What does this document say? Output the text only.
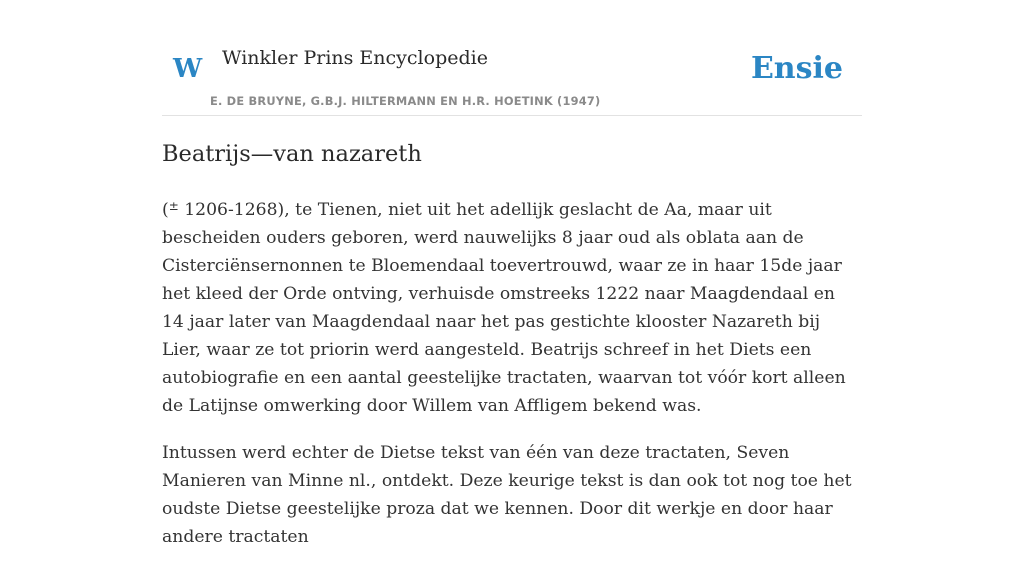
W Winkler Prins Encyclopedie
E. DE BRUYNE, G.B.J. HILTERMANN EN H.R. HOETINK (1947)
Ensie
Beatrijs—van nazareth

(± 1206-1268), te Tienen, niet uit het adellijk geslacht de Aa, maar uit bescheiden ouders geboren, werd nauwelijks 8 jaar oud als oblata aan de Cisterciënsernonnen te Bloemendaal toevertrouwd, waar ze in haar 15de jaar het kleed der Orde ontving, verhuisde omstreeks 1222 naar Maagdendaal en 14 jaar later van Maagdendaal naar het pas gestichte klooster Nazareth bij Lier, waar ze tot priorin werd aangesteld. Beatrijs schreef in het Diets een autobiografie en een aantal geestelijke tractaten, waarvan tot vóór kort alleen de Latijnse omwerking door Willem van Affligem bekend was.

Intussen werd echter de Dietse tekst van één van deze tractaten, Seven Manieren van Minne nl., ontdekt. Deze keurige tekst is dan ook tot nog toe het oudste Dietse geestelijke proza dat we kennen. Door dit werkje en door haar andere tractaten
